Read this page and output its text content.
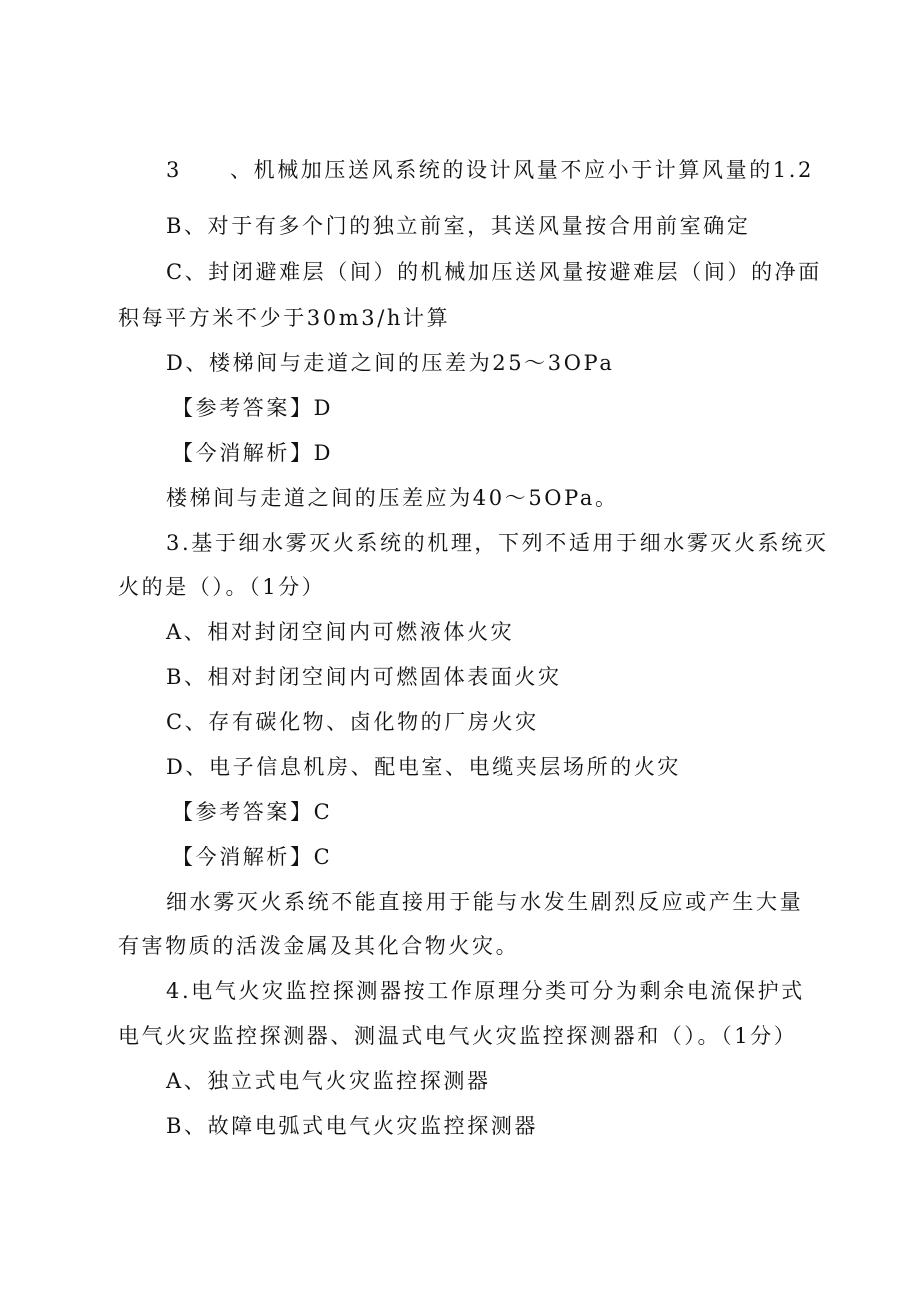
3 、机械加压送风系统的设计风量不应小于计算风量的1.2
B、对于有多个门的独立前室，其送风量按合用前室确定
C、封闭避难层（间）的机械加压送风量按避难层（间）的净面
积每平方米不少于30m3/h计算
D、楼梯间与走道之间的压差为25～3OPa
【参考答案】D
【今消解析】D
楼梯间与走道之间的压差应为40～5OPa。
3.基于细水雾灭火系统的机理，下列不适用于细水雾灭火系统灭
火的是（）。（1分）
A、相对封闭空间内可燃液体火灾
B、相对封闭空间内可燃固体表面火灾
C、存有碳化物、卤化物的厂房火灾
D、电子信息机房、配电室、电缆夹层场所的火灾
【参考答案】C
【今消解析】C
细水雾灭火系统不能直接用于能与水发生剧烈反应或产生大量
有害物质的活泼金属及其化合物火灾。
4.电气火灾监控探测器按工作原理分类可分为剩余电流保护式
电气火灾监控探测器、测温式电气火灾监控探测器和（）。（1分）
A、独立式电气火灾监控探测器
B、故障电弧式电气火灾监控探测器
